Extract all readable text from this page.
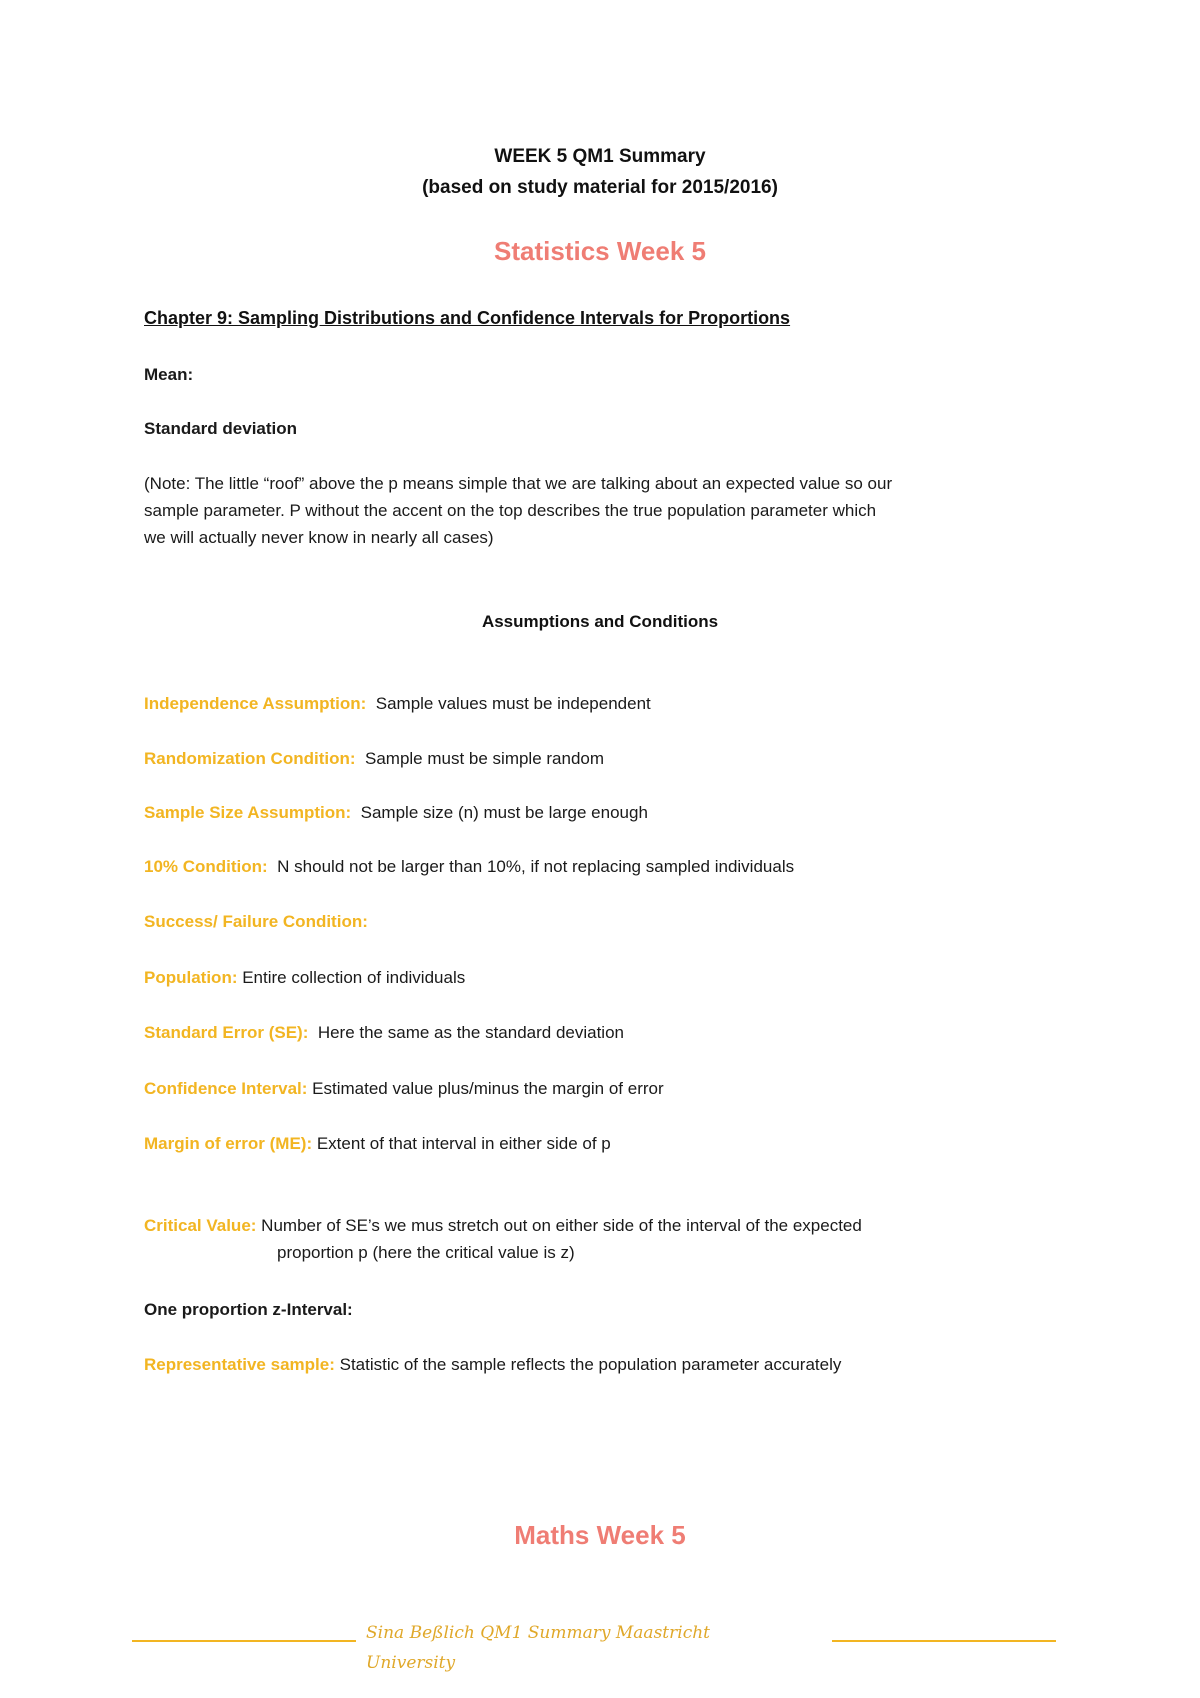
WEEK 5 QM1 Summary
(based on study material for 2015/2016)
Statistics Week 5
Chapter 9: Sampling Distributions and Confidence Intervals for Proportions
Mean:
Standard deviation
(Note: The little “roof” above the p means simple that we are talking about an expected value so our
sample parameter. P without the accent on the top describes the true population parameter which
we will actually never know in nearly all cases)
Assumptions and Conditions
Independence Assumption: Sample values must be independent
Randomization Condition: Sample must be simple random
Sample Size Assumption: Sample size (n) must be large enough
10% Condition: N should not be larger than 10%, if not replacing sampled individuals
Success/ Failure Condition:
Population: Entire collection of individuals
Standard Error (SE): Here the same as the standard deviation
Confidence Interval: Estimated value plus/minus the margin of error
Margin of error (ME): Extent of that interval in either side of p
Critical Value: Number of SE’s we mus stretch out on either side of the interval of the expected
proportion p (here the critical value is z)
One proportion z-Interval:
Representative sample: Statistic of the sample reflects the population parameter accurately
Maths Week 5
Sina Beßlich QM1 Summary Maastricht
University
